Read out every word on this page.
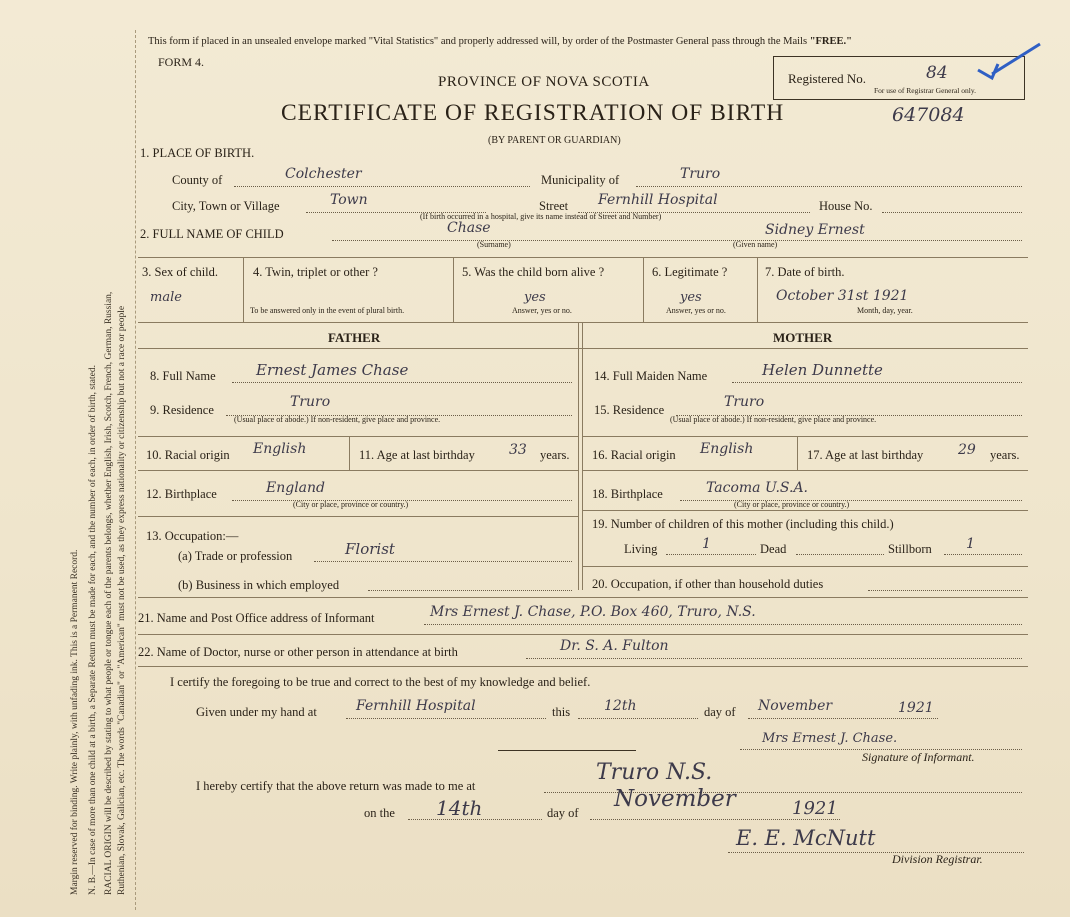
Margin reserved for binding. Write plainly, with unfading ink. This is a Permanent Record. N. B.—In case of more than one child at a birth, a Separate Return must be made for each, and the number of each, in order of birth, stated. RACIAL ORIGIN will be described by stating to what people or tongue each of the parents belongs, whether English, Irish, Scotch, French, German, Russian, Ruthenian, Slovak, Galician, etc. The words "Canadian" or "American" must not be used, as they express nationality or citizenship but not a race or people
This form if placed in an unsealed envelope marked "Vital Statistics" and properly addressed will, by order of the Postmaster General pass through the Mails "FREE."
FORM 4.
PROVINCE OF NOVA SCOTIA
CERTIFICATE OF REGISTRATION OF BIRTH	647084
(BY PARENT OR GUARDIAN)
Registered No.	84
For use of Registrar General only.
1. PLACE OF BIRTH.
County of	Colchester	Municipality of	Truro
City, Town or Village	Town	Street Fernhill Hospital
(If birth occurred in a hospital, give its name instead of Street and Number)
House No.
2. FULL NAME OF CHILD	Chase
(Surname)
Sidney Ernest
(Given name)
3. Sex of child.
male
4. Twin, triplet or other ?
To be answered only in the event of plural birth.
5. Was the child born alive ?
yes
Answer, yes or no.
6. Legitimate ?
yes
Answer, yes or no.
7. Date of birth.
October 31st 1921
Month, day, year.
FATHER	MOTHER
8. Full Name	Ernest James Chase
9. Residence	Truro
(Usual place of abode.) If non-resident, give place and province.
10. Racial origin English	11. Age at last birthday 33 years.
12. Birthplace	England
(City or place, province or country.)
13. Occupation:—
(a) Trade or profession	Florist
(b) Business in which employed
14. Full Maiden Name	Helen Dunnette
15. Residence	Truro
(Usual place of abode.) If non-resident, give place and province.
16. Racial origin English	17. Age at last birthday 29 years.
18. Birthplace	Tacoma U.S.A.
(City or place, province or country.)
19. Number of children of this mother (including this child.)
Living	1	Dead	Stillborn 1
20. Occupation, if other than household duties
21. Name and Post Office address of Informant	Mrs Ernest J. Chase, P.O. Box 460, Truro, N.S.
22. Name of Doctor, nurse or other person in attendance at birth	Dr. S. A. Fulton
I certify the foregoing to be true and correct to the best of my knowledge and belief.
Given under my hand at	Fernhill Hospital	this 12th	day of November	1921
Mrs Ernest J. Chase.
Signature of Informant.
I hereby certify that the above return was made to me at
Truro N.S.
on the 14th	day of
November	1921
E. E. McNutt
Division Registrar.
